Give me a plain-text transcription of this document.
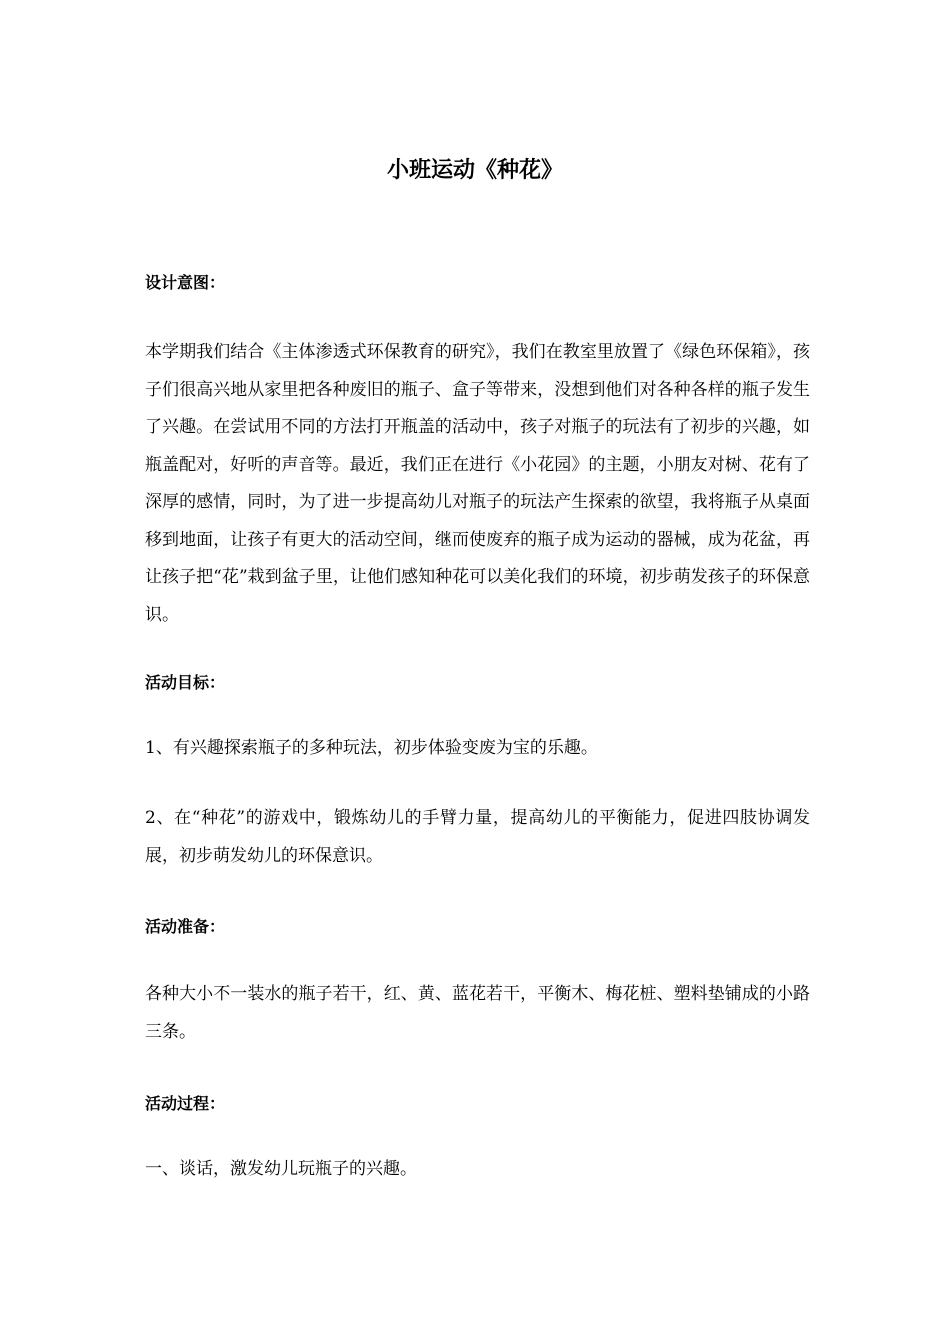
小班运动《种花》
设计意图：
本学期我们结合《主体渗透式环保教育的研究》，我们在教室里放置了《绿色环保箱》，孩子们很高兴地从家里把各种废旧的瓶子、盒子等带来，没想到他们对各种各样的瓶子发生了兴趣。在尝试用不同的方法打开瓶盖的活动中，孩子对瓶子的玩法有了初步的兴趣，如瓶盖配对，好听的声音等。最近，我们正在进行《小花园》的主题，小朋友对树、花有了深厚的感情，同时，为了进一步提高幼儿对瓶子的玩法产生探索的欲望，我将瓶子从桌面移到地面，让孩子有更大的活动空间，继而使废弃的瓶子成为运动的器械，成为花盆，再让孩子把“花”栽到盆子里，让他们感知种花可以美化我们的环境，初步萌发孩子的环保意识。
活动目标：
1、有兴趣探索瓶子的多种玩法，初步体验变废为宝的乐趣。
2、在“种花”的游戏中，锻炼幼儿的手臂力量，提高幼儿的平衡能力，促进四肢协调发展，初步萌发幼儿的环保意识。
活动准备：
各种大小不一装水的瓶子若干，红、黄、蓝花若干，平衡木、梅花桩、塑料垫铺成的小路三条。
活动过程：
一、谈话，激发幼儿玩瓶子的兴趣。
